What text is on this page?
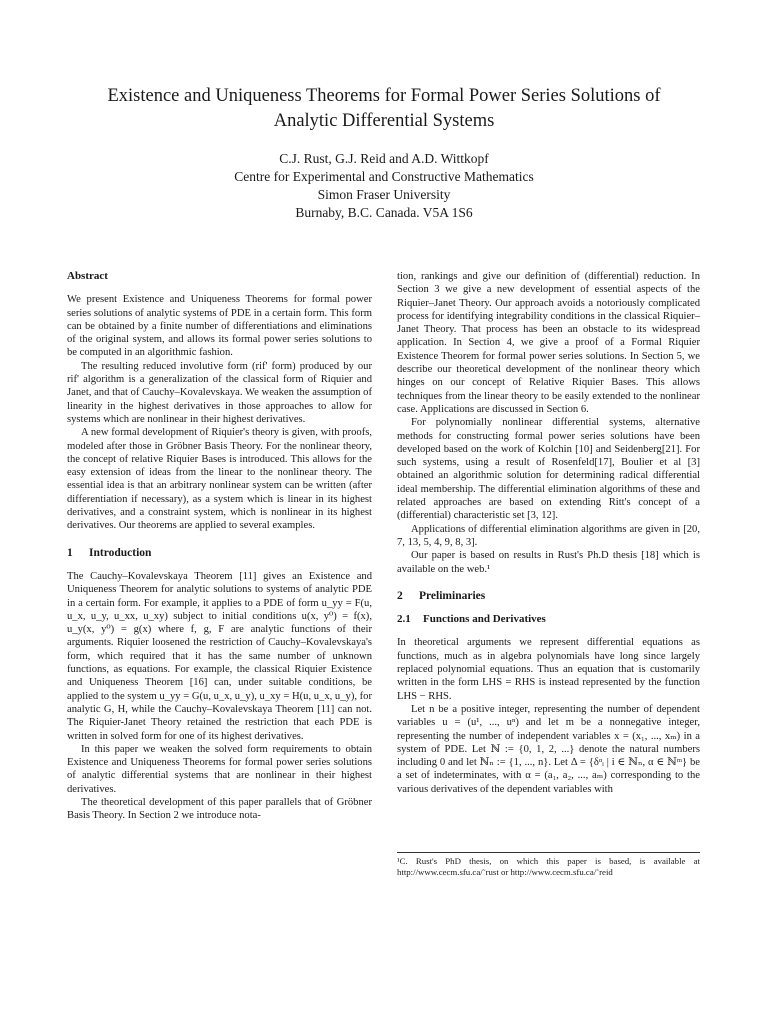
Existence and Uniqueness Theorems for Formal Power Series Solutions of
Analytic Differential Systems
C.J. Rust, G.J. Reid and A.D. Wittkopf
Centre for Experimental and Constructive Mathematics
Simon Fraser University
Burnaby, B.C. Canada. V5A 1S6
Abstract

We present Existence and Uniqueness Theorems for formal power series solutions of analytic systems of PDE in a certain form. This form can be obtained by a finite number of differentiations and eliminations of the original system, and allows its formal power series solutions to be computed in an algorithmic fashion.

The resulting reduced involutive form (rif' form) produced by our rif' algorithm is a generalization of the classical form of Riquier and Janet, and that of Cauchy–Kovalevskaya. We weaken the assumption of linearity in the highest derivatives in those approaches to allow for systems which are nonlinear in their highest derivatives.

A new formal development of Riquier's theory is given, with proofs, modeled after those in Gröbner Basis Theory. For the nonlinear theory, the concept of relative Riquier Bases is introduced. This allows for the easy extension of ideas from the linear to the nonlinear theory. The essential idea is that an arbitrary nonlinear system can be written (after differentiation if necessary), as a system which is linear in its highest derivatives, and a constraint system, which is nonlinear in its highest derivatives. Our theorems are applied to several examples.

1 Introduction

The Cauchy–Kovalevskaya Theorem [11] gives an Existence and Uniqueness Theorem for analytic solutions to systems of analytic PDE in a certain form. For example, it applies to a PDE of form u_yy = F(u, u_x, u_y, u_xx, u_xy) subject to initial conditions u(x, y⁰) = f(x), u_y(x, y⁰) = g(x) where f, g, F are analytic functions of their arguments. Riquier loosened the restriction of Cauchy–Kovalevskaya's form, which required that it has the same number of unknown functions, as equations. For example, the classical Riquier Existence and Uniqueness Theorem [16] can, under suitable conditions, be applied to the system u_yy = G(u, u_x, u_y), u_xy = H(u, u_x, u_y), for analytic G, H, while the Cauchy–Kovalevskaya Theorem [11] can not. The Riquier-Janet Theory retained the restriction that each PDE is written in solved form for one of its highest derivatives.

In this paper we weaken the solved form requirements to obtain Existence and Uniqueness Theorems for formal power series solutions of analytic differential systems that are nonlinear in their highest derivatives.

The theoretical development of this paper parallels that of Gröbner Basis Theory. In Section 2 we introduce nota-

tion, rankings and give our definition of (differential) reduction. In Section 3 we give a new development of essential aspects of the Riquier–Janet Theory. Our approach avoids a notoriously complicated process for identifying integrability conditions in the classical Riquier–Janet Theory. That process has been an obstacle to its widespread application. In Section 4, we give a proof of a Formal Riquier Existence Theorem for formal power series solutions. In Section 5, we describe our theoretical development of the nonlinear theory which hinges on our concept of Relative Riquier Bases. This allows techniques from the linear theory to be easily extended to the nonlinear case. Applications are discussed in Section 6.

For polynomially nonlinear differential systems, alternative methods for constructing formal power series solutions have been developed based on the work of Kolchin [10] and Seidenberg[21]. For such systems, using a result of Rosenfeld[17], Boulier et al [3] obtained an algorithmic solution for determining radical differential ideal membership. The differential elimination algorithms of these and related approaches are based on extending Ritt's concept of a (differential) characteristic set [3, 12].

Applications of differential elimination algorithms are given in [20, 7, 13, 5, 4, 9, 8, 3].

Our paper is based on results in Rust's Ph.D thesis [18] which is available on the web.¹

2 Preliminaries
2.1 Functions and Derivatives

In theoretical arguments we represent differential equations as functions, much as in algebra polynomials have long since largely replaced polynomial equations. Thus an equation that is customarily written in the form LHS = RHS is instead represented by the function LHS − RHS.

Let n be a positive integer, representing the number of dependent variables u = (u¹, ..., uⁿ) and let m be a nonnegative integer, representing the number of independent variables x = (x₁, ..., xₘ) in a system of PDE. Let ℕ := {0, 1, 2, ...} denote the natural numbers including 0 and let ℕₙ := {1, ..., n}. Let Δ = {δᵅᵢ | i ∈ ℕₙ, α ∈ ℕᵐ} be a set of indeterminates, with α = (a₁, a₂, ..., aₘ) corresponding to the various derivatives of the dependent variables with

¹C. Rust's PhD thesis, on which this paper is based, is available at http://www.cecm.sfu.ca/˜rust or http://www.cecm.sfu.ca/˜reid
